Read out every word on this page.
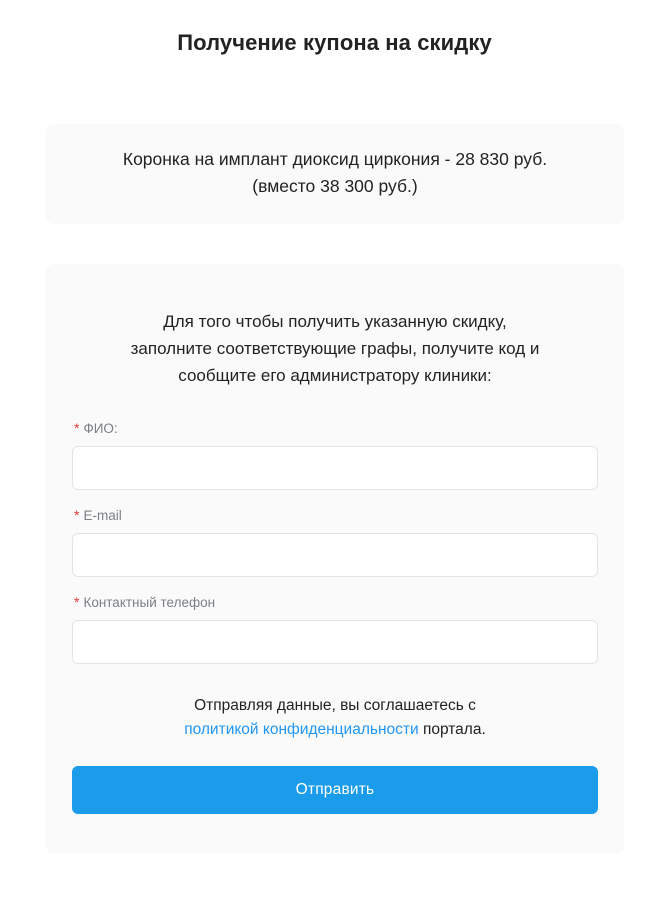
Получение купона на скидку
Коронка на имплант диоксид циркония - 28 830 руб.
(вместо 38 300 руб.)
Для того чтобы получить указанную скидку,
заполните соответствующие графы, получите код и
сообщите его администратору клиники:
* ФИО:
* E-mail
* Контактный телефон
Отправляя данные, вы соглашаетесь с
политикой конфиденциальности портала.
Отправить
